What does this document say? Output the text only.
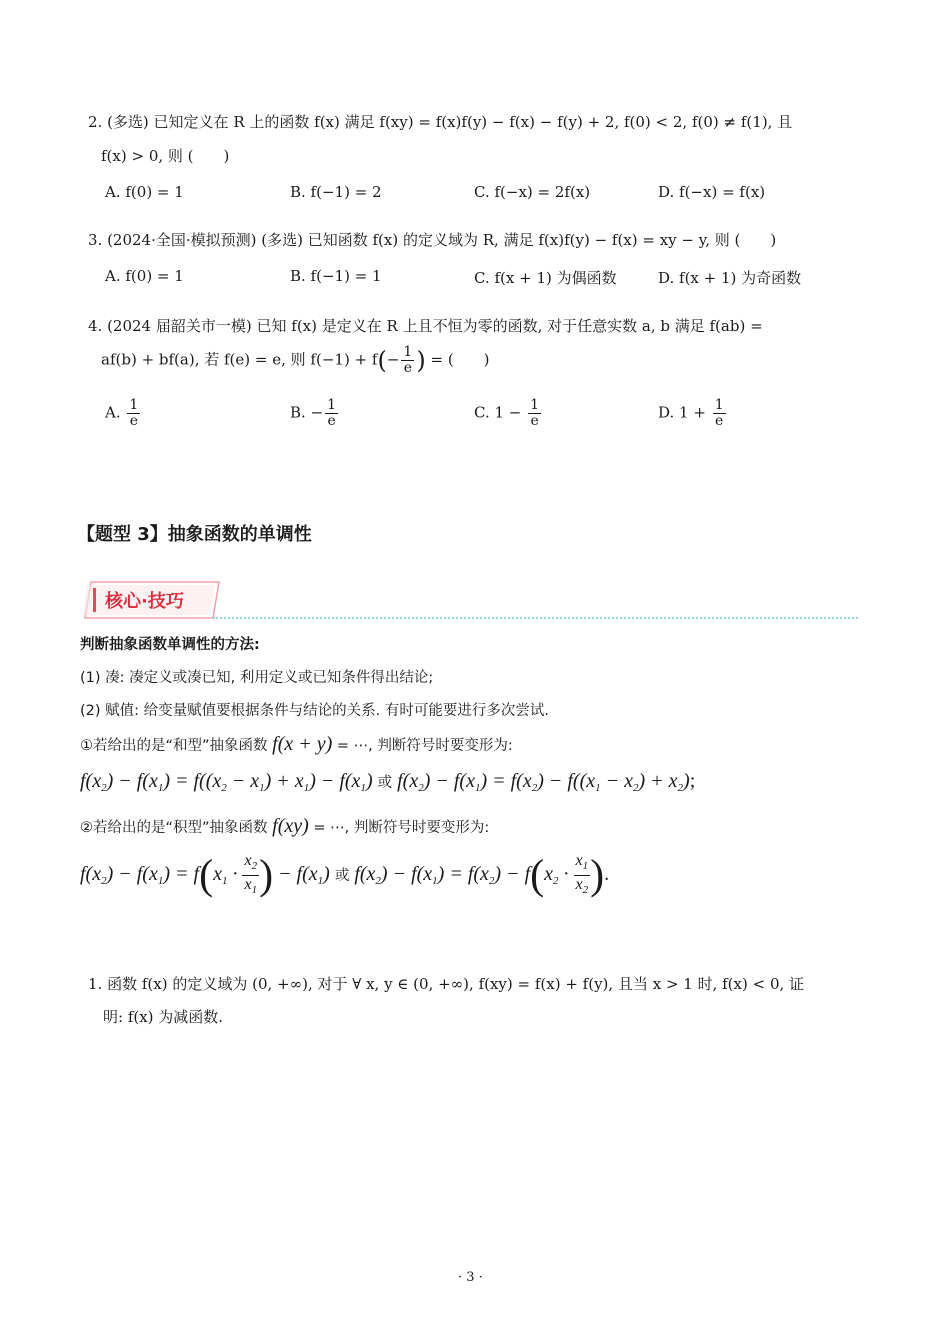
2. (多选) 已知定义在 R 上的函数 f(x) 满足 f(xy) = f(x)f(y) − f(x) − f(y) + 2, f(0) < 2, f(0) ≠ f(1), 且
f(x) > 0, 则 (　　)
A. f(0) = 1	B. f(−1) = 2	C. f(−x) = 2f(x)	D. f(−x) = f(x)
3. (2024·全国·模拟预测) (多选) 已知函数 f(x) 的定义域为 R, 满足 f(x)f(y) − f(x) = xy − y, 则 (　　)
A. f(0) = 1	B. f(−1) = 1	C. f(x + 1) 为偶函数	D. f(x + 1) 为奇函数
4. (2024 届韶关市一模) 已知 f(x) 是定义在 R 上且不恒为零的函数, 对于任意实数 a, b 满足 f(ab) =
af(b) + bf(a), 若 f(e) = e, 则 $f(-1) + f(- \frac{1}{e}$ ) = (　　)
A. $\frac{1}{e}$	B. − $\frac{1}{e}$	C. $1 - \frac{1}{e}$	D. $1 + \frac{1}{e}$
【题型 3】抽象函数的单调性
核心·技巧
判断抽象函数单调性的方法:
(1) 凑: 凑定义或凑已知, 利用定义或已知条件得出结论;
(2) 赋值: 给变量赋值要根据条件与结论的关系. 有时可能要进行多次尝试.
①若给出的是“和型”抽象函数 f(x + y) = ⋯, 判断符号时要变形为:
$f(x_2) - f(x_1) = f((x_2 - x_1) + x_1) - f(x_1)$ 或 $f(x_2) - f(x_1) = f(x_2) - f((x_1 - x_2) + x_2)$;
②若给出的是“积型”抽象函数 f(xy) = ⋯, 判断符号时要变形为:
$f(x_2) - f(x_1) = f(x_1 \cdot \frac{x_2}{x_1}$ ) − $f(x_1)$ 或 $f(x_2) - f(x_1) = f(x_2) - f(x_2 \cdot \frac{x_1}{x_2}$ ).
1. 函数 f(x) 的定义域为 (0, +∞), 对于 ∀ x, y ∈ (0, +∞), f(xy) = f(x) + f(y), 且当 x > 1 时, f(x) < 0, 证
明: f(x) 为减函数.
· 3 ·
